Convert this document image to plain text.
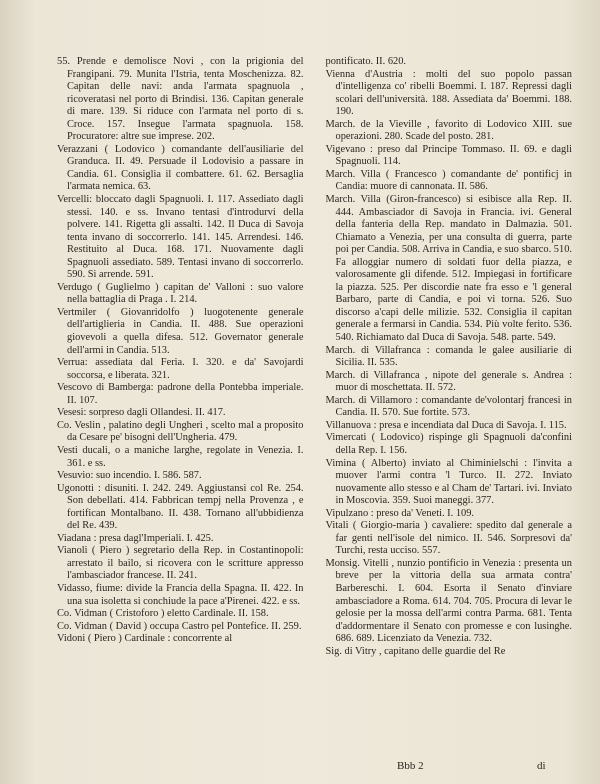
55. Prende e demolisce Novi , con la prigionia del Frangipani. 79. Munita l'Istria, tenta Moschenizza. 82. Capitan delle navi: anda l'armata spagnuola , ricoveratasi nel porto di Brindisi. 136. Capitan generale di mare. 139. Si riduce con l'armata nel porto di s. Croce. 157. Insegue l'armata spagnuola. 158. Procuratore: altre sue imprese. 202.

Verazzani ( Lodovico ) comandante dell'ausiliarie del Granduca. II. 49. Persuade il Lodovisio a passare in Candia. 61. Consiglia il combattere. 61. 62. Bersaglia l'armata nemica. 63.

Vercelli: bloccato dagli Spagnuoli. I. 117. Assediato dagli stessi. 140. e ss. Invano tentasi d'introdurvi della polvere. 141. Rigetta gli assalti. 142. Il Duca di Savoja tenta invano di soccorrerlo. 141. 145. Arrendesi. 146. Restituito al Duca. 168. 171. Nuovamente dagli Spagnuoli assediato. 589. Tentasi invano di soccorrerlo. 590. Si arrende. 591.

Verdugo ( Guglielmo ) capitan de' Valloni : suo valore nella battaglia di Praga . I. 214.

Vertmiler ( Giovanridolfo ) luogotenente generale dell'artiglieria in Candia. II. 488. Sue operazioni giovevoli a quella difesa. 512. Governator generale dell'armi in Candia. 513.

Verrua: assediata dal Feria. I. 320. e da' Savojardi soccorsa, e liberata. 321.

Vescovo di Bamberga: padrone della Pontebba imperiale. II. 107.

Vesesi: sorpreso dagli Ollandesi. II. 417.

Co. Veslin , palatino degli Ungheri , scelto mal a proposito da Cesare pe' bisogni dell'Ungheria. 479.

Vesti ducali, o a maniche larghe, regolate in Venezia. I. 361. e ss.

Vesuvio: suo incendio. I. 586. 587.

Ugonotti : disuniti. I. 242. 249. Aggiustansi col Re. 254. Son debellati. 414. Fabbrican tempj nella Provenza , e fortifican Montalbano. II. 438. Tornano all'ubbidienza del Re. 439.

Viadana : presa dagl'Imperiali. I. 425.

Vianoli ( Piero ) segretario della Rep. in Costantinopoli: arrestato il bailo, si ricovera con le scritture appresso l'ambasciador francese. II. 241.

Vidasso, fiume: divide la Francia della Spagna. II. 422. In una sua isoletta si conchiude la pace a'Pirenei. 422. e ss.

Co. Vidman ( Cristoforo ) eletto Cardinale. II. 158.

Co. Vidman ( David ) occupa Castro pel Pontefice. II. 259.

Vidoni ( Piero ) Cardinale : concorrente al

pontificato. II. 620.

Vienna d'Austria : molti del suo popolo passan d'intelligenza co' ribelli Boemmi. I. 187. Repressi dagli scolari dell'università. 188. Assediata da' Boemmi. 188. 190.

March. de la Vieville , favorito di Lodovico XIII. sue operazioni. 280. Scade del posto. 281.

Vigevano : preso dal Principe Tommaso. II. 69. e dagli Spagnuoli. 114.

March. Villa ( Francesco ) comandante de' pontificj in Candia: muore di cannonata. II. 586.

March. Villa (Giron-francesco) si esibisce alla Rep. II. 444. Ambasciador di Savoja in Francia. ivi. General della fanteria della Rep. mandato in Dalmazia. 501. Chiamato a Venezia, per una consulta di guerra, parte poi per Candia. 508. Arriva in Candia, e suo sbarco. 510. Fa alloggiar numero di soldati fuor della piazza, e valorosamente gli difende. 512. Impiegasi in fortificare la piazza. 525. Per discordie nate fra esso e 'l general Barbaro, parte di Candia, e poi vi torna. 526. Suo discorso a'capi delle milizie. 532. Consiglia il capitan generale a fermarsi in Candia. 534. Più volte ferito. 536. 540. Richiamato dal Duca di Savoja. 548. parte. 549.

March. di Villafranca : comanda le galee ausiliarie di Sicilia. II. 535.

March. di Villafranca , nipote del generale s. Andrea : muor di moschettata. II. 572.

March. di Villamoro : comandante de'volontarj francesi in Candia. II. 570. Sue fortite. 573.

Villanuova : presa e incendiata dal Duca di Savoja. I. 115.

Vimercati ( Lodovico) rispinge gli Spagnuoli da'confini della Rep. I. 156.

Vimina ( Alberto) inviato al Chiminielschi : l'invita a muover l'armi contra 'l Turco. II. 272. Inviato nuovamente allo stesso e al Cham de' Tartari. ivi. Inviato in Moscovia. 359. Suoi maneggi. 377.

Vipulzano : preso da' Veneti. I. 109.

Vitali ( Giorgio-maria ) cavaliere: spedito dal generale a far genti nell'isole del nimico. II. 546. Sorpresovi da' Turchi, resta ucciso. 557.

Monsig. Vitelli , nunzio pontificio in Venezia : presenta un breve per la vittoria della sua armata contra' Barbereschi. I. 604. Esorta il Senato d'inviare ambasciadore a Roma. 614. 704. 705. Procura di levar le gelosie per la mossa dell'armi contra Parma. 681. Tenta d'addormentare il Senato con promesse e con lusinghe. 686. 689. Licenziato da Venezia. 732.

Sig. di Vitry , capitano delle guardie del Re

Bbb 2	di
